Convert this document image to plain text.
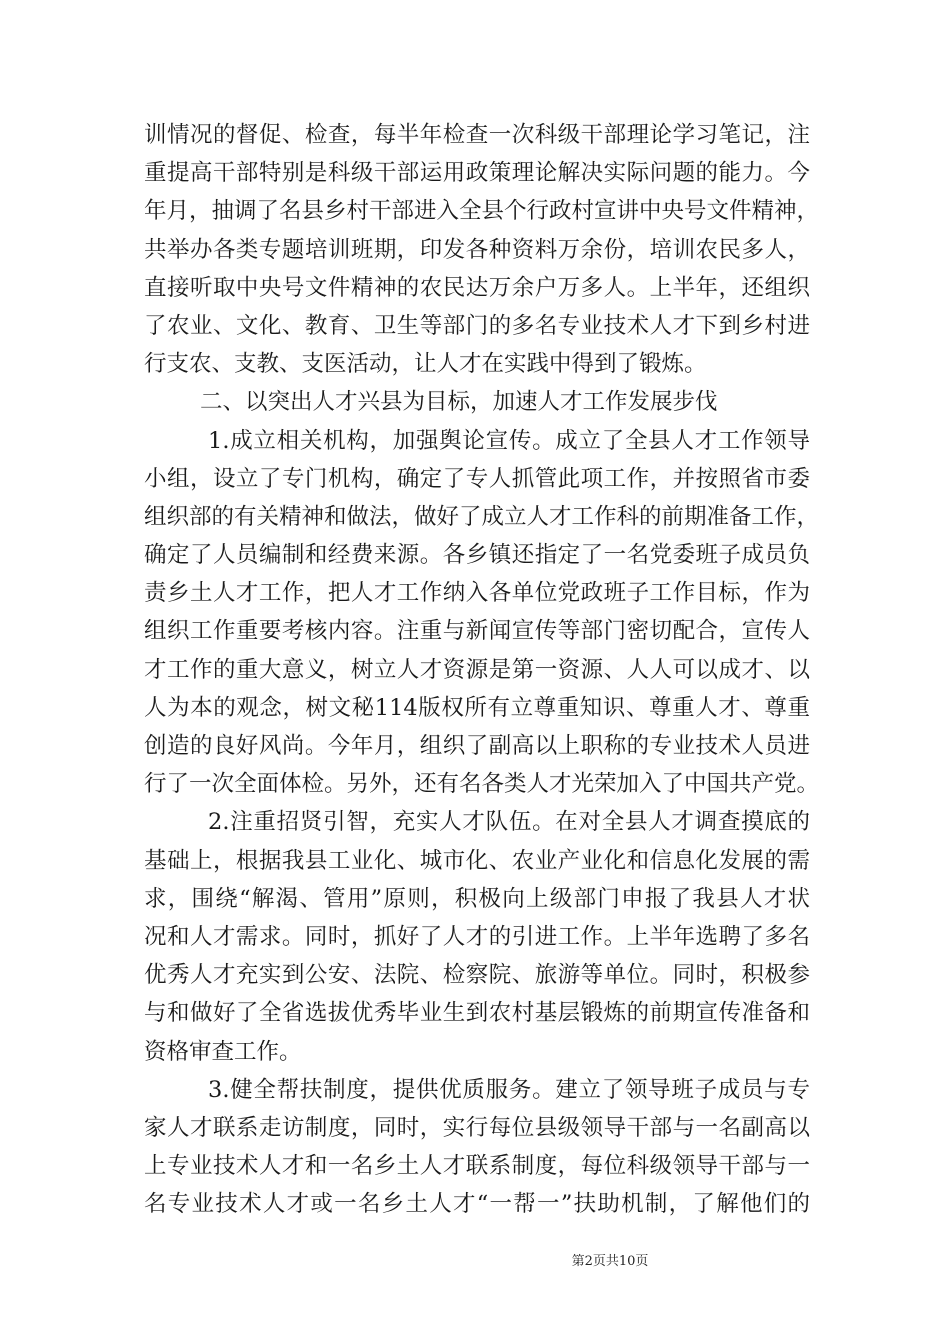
训情况的督促、检查，每半年检查一次科级干部理论学习笔记，注
重提高干部特别是科级干部运用政策理论解决实际问题的能力。今
年月，抽调了名县乡村干部进入全县个行政村宣讲中央号文件精神，
共举办各类专题培训班期，印发各种资料万余份，培训农民多人，
直接听取中央号文件精神的农民达万余户万多人。上半年，还组织
了农业、文化、教育、卫生等部门的多名专业技术人才下到乡村进
行支农、支教、支医活动，让人才在实践中得到了锻炼。
二、以突出人才兴县为目标，加速人才工作发展步伐
1.成立相关机构，加强舆论宣传。成立了全县人才工作领导
小组，设立了专门机构，确定了专人抓管此项工作，并按照省市委
组织部的有关精神和做法，做好了成立人才工作科的前期准备工作，
确定了人员编制和经费来源。各乡镇还指定了一名党委班子成员负
责乡土人才工作，把人才工作纳入各单位党政班子工作目标，作为
组织工作重要考核内容。注重与新闻宣传等部门密切配合，宣传人
才工作的重大意义，树立人才资源是第一资源、人人可以成才、以
人为本的观念，树文秘114版权所有立尊重知识、尊重人才、尊重
创造的良好风尚。今年月，组织了副高以上职称的专业技术人员进
行了一次全面体检。另外，还有名各类人才光荣加入了中国共产党。
2.注重招贤引智，充实人才队伍。在对全县人才调查摸底的
基础上，根据我县工业化、城市化、农业产业化和信息化发展的需
求，围绕“解渴、管用”原则，积极向上级部门申报了我县人才状
况和人才需求。同时，抓好了人才的引进工作。上半年选聘了多名
优秀人才充实到公安、法院、检察院、旅游等单位。同时，积极参
与和做好了全省选拔优秀毕业生到农村基层锻炼的前期宣传准备和
资格审查工作。
3.健全帮扶制度，提供优质服务。建立了领导班子成员与专
家人才联系走访制度，同时，实行每位县级领导干部与一名副高以
上专业技术人才和一名乡土人才联系制度，每位科级领导干部与一
名专业技术人才或一名乡土人才“一帮一”扶助机制，了解他们的
第2页共10页
